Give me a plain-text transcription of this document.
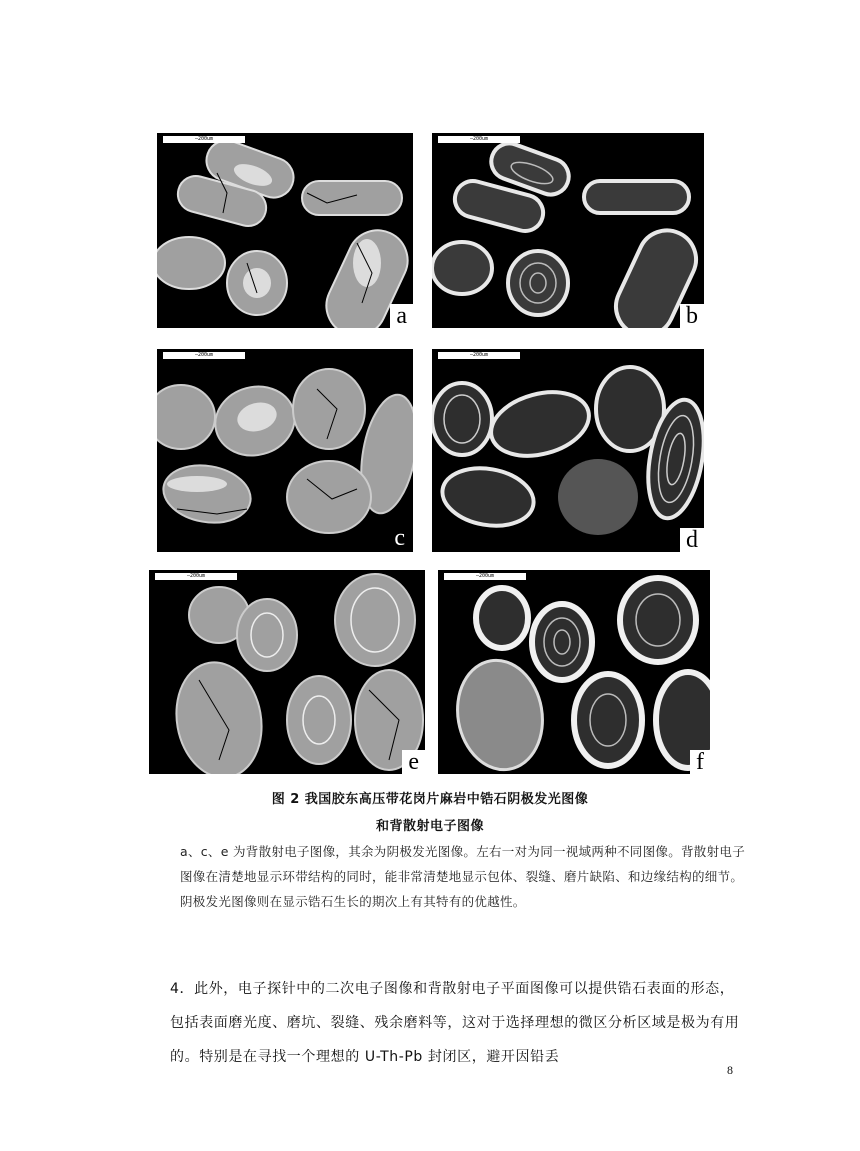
—200um
a
—200um
b
—200um
c
—200um
d
—200um
e
—200um
f
图 2 我国胶东高压带花岗片麻岩中锆石阴极发光图像
和背散射电子图像

a、c、e 为背散射电子图像，其余为阴极发光图像。左右一对为同一视域两种不同图像。背散射电子图像在清楚地显示环带结构的同时，能非常清楚地显示包体、裂缝、磨片缺陷、和边缘结构的细节。阴极发光图像则在显示锆石生长的期次上有其特有的优越性。

4．此外，电子探针中的二次电子图像和背散射电子平面图像可以提供锆石表面的形态，包括表面磨光度、磨坑、裂缝、残余磨料等，这对于选择理想的微区分析区域是极为有用的。特别是在寻找一个理想的 U-Th-Pb 封闭区，避开因铅丢

8
